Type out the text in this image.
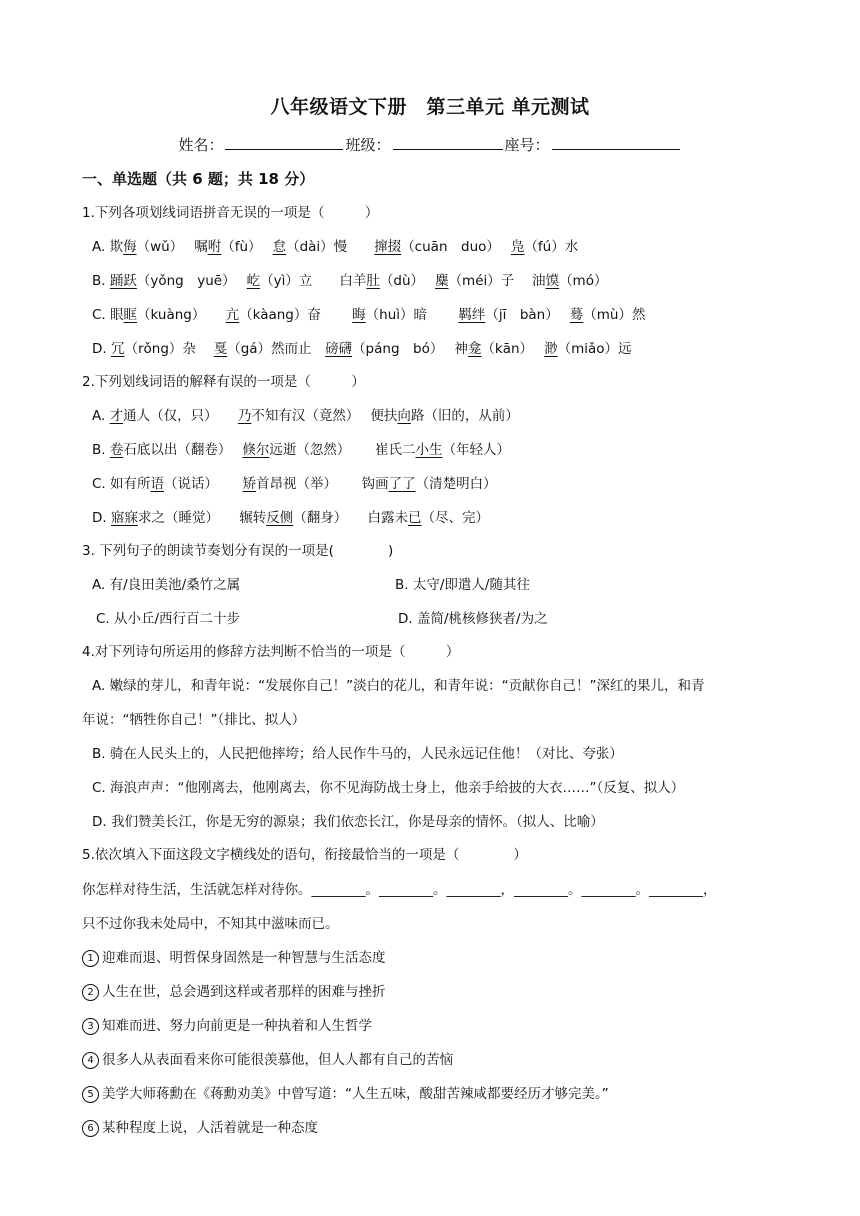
八年级语文下册　第三单元 单元测试
姓名：	班级：	座号：
一、单选题（共 6 题；共 18 分）
1.下列各项划线词语拼音无误的一项是（　　　）
A. 欺侮（wǔ）　 嘱咐（fù）　 怠（dài）慢　　撺掇（cuān　duo）　 凫（fú）水
B. 踊跃（yǒng　yuē）　 屹（yì）立　　白羊肚（dù）　 麋（méi）子　 油馍（mó）
C. 眼眶（kuàng）　　亢（kàang）奋　　 晦（huì）暗　　 羁绊（jī　bàn）　 蓦（mù）然
D. 冗（rǒng）杂　 戛（gá）然而止　磅礴（páng　bó）　 神龛（kān）　 渺（miǎo）远
2.下列划线词语的解释有误的一项是（　　　）
A. 才通人（仅，只）　　乃不知有汉（竟然）　 便扶向路（旧的，从前）
B. 卷石底以出（翻卷）　 倏尔远逝（忽然）　　 崔氏二小生（年轻人）
C. 如有所语（说话）　　 矫首昂视（举）　　 钩画了了（清楚明白）
D. 寤寐求之（睡觉）　　辗转反侧（翻身）　　白露未已（尽、完）
3. 下列句子的朗读节奏划分有误的一项是(　　　　)
A. 有/良田美池/桑竹之属	B. 太守/即遣人/随其往
C. 从小丘/西行百二十步	D. 盖简/桃核修狭者/为之
4.对下列诗句所运用的修辞方法判断不恰当的一项是（　　　）
A. 嫩绿的芽儿，和青年说：“发展你自己！”淡白的花儿，和青年说：“贡献你自己！”深红的果儿，和青
年说：“牺牲你自己！”（排比、拟人）
B. 骑在人民头上的，人民把他摔垮；给人民作牛马的，人民永远记住他！（对比、夸张）
C. 海浪声声：“他刚离去，他刚离去，你不见海防战士身上，他亲手给披的大衣……”（反复、拟人）
D. 我们赞美长江，你是无穷的源泉；我们依恋长江，你是母亲的情怀。（拟人、比喻）
5.依次填入下面这段文字横线处的语句，衔接最恰当的一项是（　　　　）
你怎样对待生活，生活就怎样对待你。________。________。________，________。________。________，
只不过你我未处局中，不知其中滋味而已。
1 迎难而退、明哲保身固然是一种智慧与生活态度
2 人生在世，总会遇到这样或者那样的困难与挫折
3 知难而进、努力向前更是一种执着和人生哲学
4 很多人从表面看来你可能很羡慕他，但人人都有自己的苦恼
5 美学大师蒋勳在《蒋勳劝美》中曾写道：“人生五味，酸甜苦辣咸都要经历才够完美。”
6 某种程度上说，人活着就是一种态度
